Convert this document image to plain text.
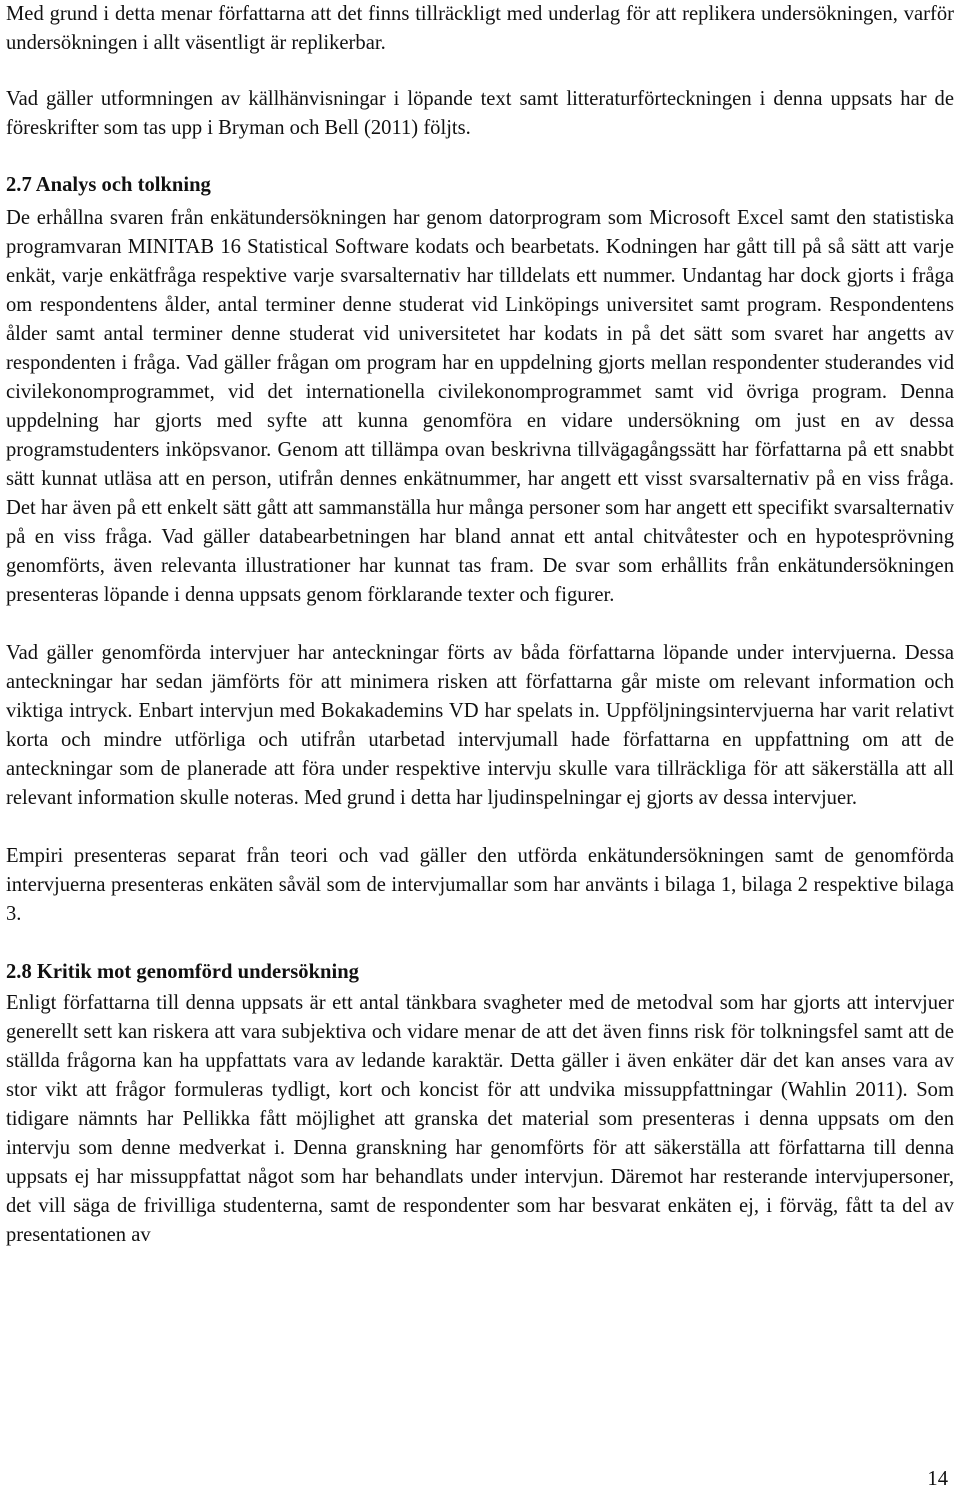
Med grund i detta menar författarna att det finns tillräckligt med underlag för att replikera undersökningen, varför undersökningen i allt väsentligt är replikerbar.

Vad gäller utformningen av källhänvisningar i löpande text samt litteraturförteckningen i denna uppsats har de föreskrifter som tas upp i Bryman och Bell (2011) följts.

2.7 Analys och tolkning

De erhållna svaren från enkätundersökningen har genom datorprogram som Microsoft Excel samt den statistiska programvaran MINITAB 16 Statistical Software kodats och bearbetats. Kodningen har gått till på så sätt att varje enkät, varje enkätfråga respektive varje svarsalternativ har tilldelats ett nummer. Undantag har dock gjorts i fråga om respondentens ålder, antal terminer denne studerat vid Linköpings universitet samt program. Respondentens ålder samt antal terminer denne studerat vid universitetet har kodats in på det sätt som svaret har angetts av respondenten i fråga. Vad gäller frågan om program har en uppdelning gjorts mellan respondenter studerandes vid civilekonomprogrammet, vid det internationella civilekonomprogrammet samt vid övriga program. Denna uppdelning har gjorts med syfte att kunna genomföra en vidare undersökning om just en av dessa programstudenters inköpsvanor. Genom att tillämpa ovan beskrivna tillvägagångssätt har författarna på ett snabbt sätt kunnat utläsa att en person, utifrån dennes enkätnummer, har angett ett visst svarsalternativ på en viss fråga. Det har även på ett enkelt sätt gått att sammanställa hur många personer som har angett ett specifikt svarsalternativ på en viss fråga. Vad gäller databearbetningen har bland annat ett antal chitvåtester och en hypotesprövning genomförts, även relevanta illustrationer har kunnat tas fram. De svar som erhållits från enkätundersökningen presenteras löpande i denna uppsats genom förklarande texter och figurer.

Vad gäller genomförda intervjuer har anteckningar förts av båda författarna löpande under intervjuerna. Dessa anteckningar har sedan jämförts för att minimera risken att författarna går miste om relevant information och viktiga intryck. Enbart intervjun med Bokakademins VD har spelats in. Uppföljningsintervjuerna har varit relativt korta och mindre utförliga och utifrån utarbetad intervjumall hade författarna en uppfattning om att de anteckningar som de planerade att föra under respektive intervju skulle vara tillräckliga för att säkerställa att all relevant information skulle noteras. Med grund i detta har ljudinspelningar ej gjorts av dessa intervjuer.

Empiri presenteras separat från teori och vad gäller den utförda enkätundersökningen samt de genomförda intervjuerna presenteras enkäten såväl som de intervjumallar som har använts i bilaga 1, bilaga 2 respektive bilaga 3.

2.8 Kritik mot genomförd undersökning

Enligt författarna till denna uppsats är ett antal tänkbara svagheter med de metodval som har gjorts att intervjuer generellt sett kan riskera att vara subjektiva och vidare menar de att det även finns risk för tolkningsfel samt att de ställda frågorna kan ha uppfattats vara av ledande karaktär. Detta gäller i även enkäter där det kan anses vara av stor vikt att frågor formuleras tydligt, kort och koncist för att undvika missuppfattningar (Wahlin 2011). Som tidigare nämnts har Pellikka fått möjlighet att granska det material som presenteras i denna uppsats om den intervju som denne medverkat i. Denna granskning har genomförts för att säkerställa att författarna till denna uppsats ej har missuppfattat något som har behandlats under intervjun. Däremot har resterande intervjupersoner, det vill säga de frivilliga studenterna, samt de respondenter som har besvarat enkäten ej, i förväg, fått ta del av presentationen av

14
